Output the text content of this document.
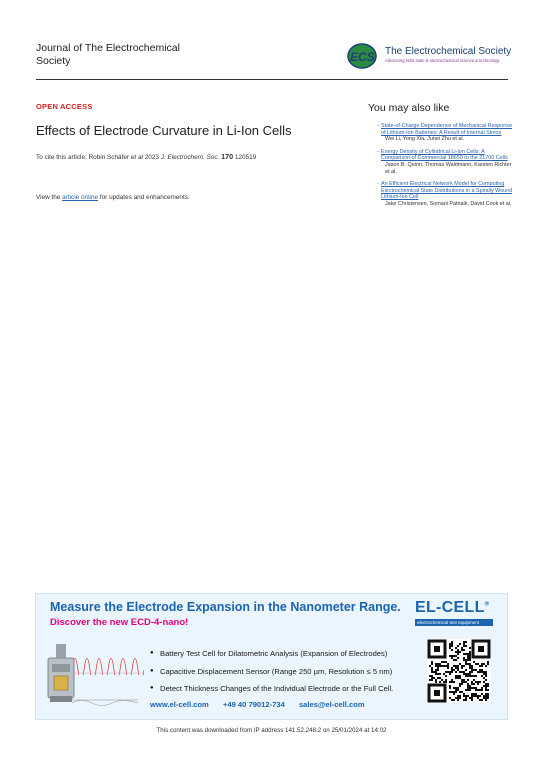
Journal of The Electrochemical Society	ECS The Electrochemical Society
Advancing solid state & electrochemical science & technology
OPEN ACCESS
Effects of Electrode Curvature in Li-Ion Cells
To cite this article: Robin Schäfer et al 2023 J. Electrochem. Soc. 170 120519
View the article online for updates and enhancements.
You may also like
- State-of-Charge Dependence of Mechanical Response of Lithium-Ion Batteries: A Result of Internal Stress
Wei Li, Yong Xia, Junei Zhu et al.
- Energy Density of Cylindrical Li-Ion Cells: A Comparison of Commercial 18650 to the 21700 Cells
Jason B. Quinn, Thomas Waldmann, Karsten Richter et al.
- An Efficient Electrical Network Model for Computing Electrochemical State Distributions in a Spirally Wound Lithium-Ion Cell
Jake Christensen, Somani Patnaik, David Cook et al.
Measure the Electrode Expansion in the Nanometer Range.
Discover the new ECD-4-nano!
EL-CELL®
electrochemical test equipment
● Battery Test Cell for Dilatometric Analysis (Expansion of Electrodes)
● Capacitive Displacement Sensor (Range 250 µm, Resolution ≤ 5 nm)
● Detect Thickness Changes of the Individual Electrode or the Full Cell.
www.el-cell.com +49 40 79012-734 sales@el-cell.com
This content was downloaded from IP address 141.52.248.2 on 25/01/2024 at 14:02
